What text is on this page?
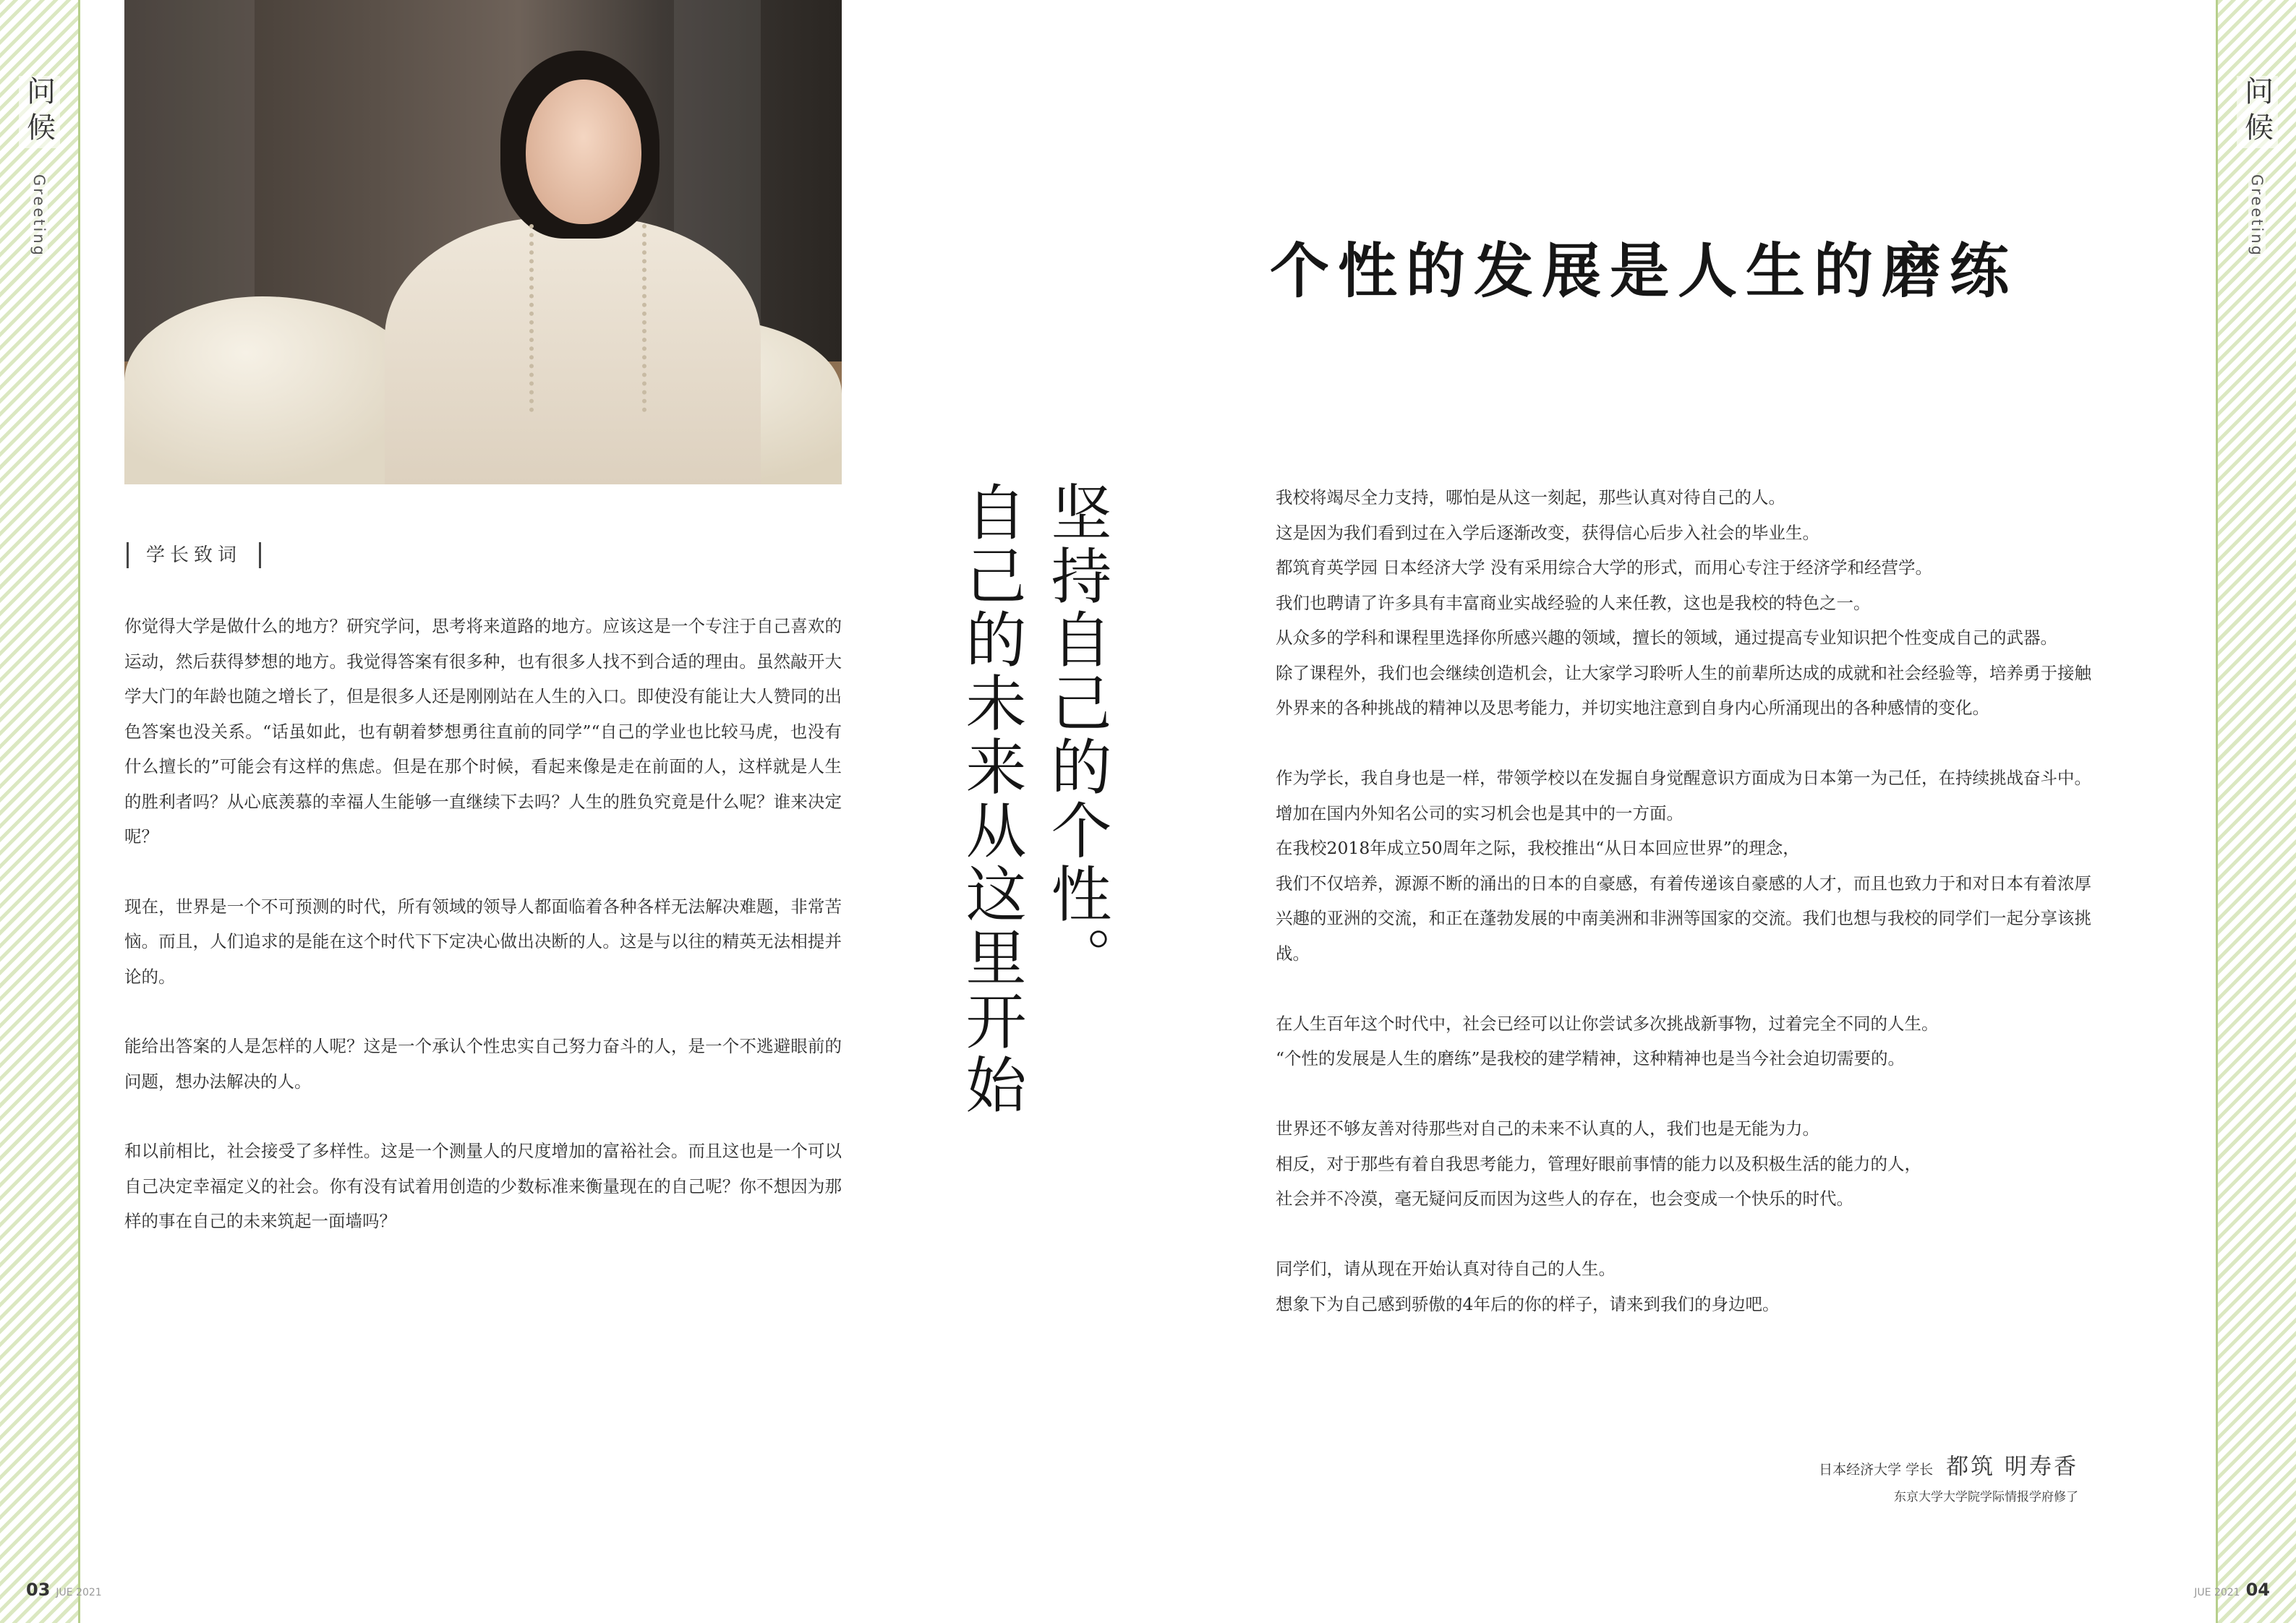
问候
Greeting
问候
Greeting
学长致词

你觉得大学是做什么的地方？研究学问，思考将来道路的地方。应该这是一个专注于自己喜欢的运动，然后获得梦想的地方。我觉得答案有很多种，也有很多人找不到合适的理由。虽然敲开大学大门的年龄也随之增长了，但是很多人还是刚刚站在人生的入口。即使没有能让大人赞同的出色答案也没关系。“话虽如此，也有朝着梦想勇往直前的同学”“自己的学业也比较马虎，也没有什么擅长的”可能会有这样的焦虑。但是在那个时候，看起来像是走在前面的人，这样就是人生的胜利者吗？从心底羡慕的幸福人生能够一直继续下去吗？人生的胜负究竟是什么呢？谁来决定呢？

现在，世界是一个不可预测的时代，所有领域的领导人都面临着各种各样无法解决难题，非常苦恼。而且，人们追求的是能在这个时代下下定决心做出决断的人。这是与以往的精英无法相提并论的。

能给出答案的人是怎样的人呢？这是一个承认个性忠实自己努力奋斗的人，是一个不逃避眼前的问题，想办法解决的人。

和以前相比，社会接受了多样性。这是一个测量人的尺度增加的富裕社会。而且这也是一个可以自己决定幸福定义的社会。你有没有试着用创造的少数标准来衡量现在的自己呢？你不想因为那样的事在自己的未来筑起一面墙吗？

坚持自己的个性。
自己的未来从这里开始
个性的发展是人生的磨练

我校将竭尽全力支持，哪怕是从这一刻起，那些认真对待自己的人。
这是因为我们看到过在入学后逐渐改变，获得信心后步入社会的毕业生。
都筑育英学园 日本经济大学 没有采用综合大学的形式，而用心专注于经济学和经营学。
我们也聘请了许多具有丰富商业实战经验的人来任教，这也是我校的特色之一。
从众多的学科和课程里选择你所感兴趣的领域，擅长的领域，通过提高专业知识把个性变成自己的武器。
除了课程外，我们也会继续创造机会，让大家学习聆听人生的前辈所达成的成就和社会经验等，培养勇于接触外界来的各种挑战的精神以及思考能力，并切实地注意到自身内心所涌现出的各种感情的变化。

作为学长，我自身也是一样，带领学校以在发掘自身觉醒意识方面成为日本第一为己任，在持续挑战奋斗中。增加在国内外知名公司的实习机会也是其中的一方面。
在我校2018年成立50周年之际，我校推出“从日本回应世界”的理念，
我们不仅培养，源源不断的涌出的日本的自豪感，有着传递该自豪感的人才，而且也致力于和对日本有着浓厚兴趣的亚洲的交流，和正在蓬勃发展的中南美洲和非洲等国家的交流。我们也想与我校的同学们一起分享该挑战。

在人生百年这个时代中，社会已经可以让你尝试多次挑战新事物，过着完全不同的人生。
“个性的发展是人生的磨练”是我校的建学精神，这种精神也是当今社会迫切需要的。

世界还不够友善对待那些对自己的未来不认真的人，我们也是无能为力。
相反，对于那些有着自我思考能力，管理好眼前事情的能力以及积极生活的能力的人，
社会并不冷漠，毫无疑问反而因为这些人的存在，也会变成一个快乐的时代。

同学们，请从现在开始认真对待自己的人生。
想象下为自己感到骄傲的4年后的你的样子，请来到我们的身边吧。

日本经济大学 学长 都筑 明寿香
东京大学大学院学际情报学府修了
03 JUE 2021	JUE 2021 04
